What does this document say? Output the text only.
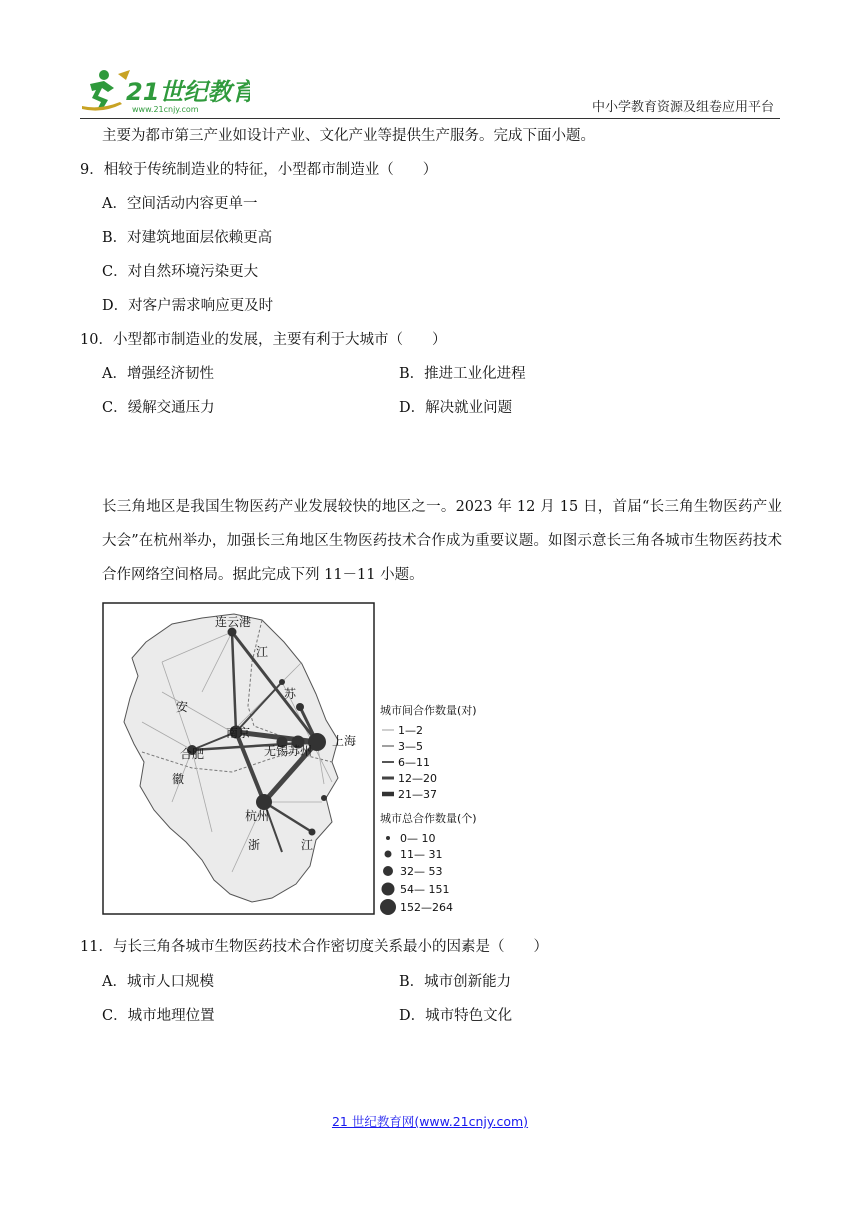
21世纪教育
www.21cnjy.com	中小学教育资源及组卷应用平台
主要为都市第三产业如设计产业、文化产业等提供生产服务。完成下面小题。
9．相较于传统制造业的特征，小型都市制造业（　　）
A．空间活动内容更单一
B．对建筑地面层依赖更高
C．对自然环境污染更大
D．对客户需求响应更及时
10．小型都市制造业的发展，主要有利于大城市（　　）
A．增强经济韧性	B．推进工业化进程
C．缓解交通压力	D．解决就业问题
长三角地区是我国生物医药产业发展较快的地区之一。2023 年 12 月 15 日，首届“长三角生物医药产业大会”在杭州举办，加强长三角地区生物医药技术合作成为重要议题。如图示意长三角各城市生物医药技术合作网络空间格局。据此完成下列 11－11 小题。
连云港
南京
合肥	无锡苏州
上海
杭州
江
苏
安
徽
浙	江
城市间合作数量(对)
1—2
3—5
6—11
12—20
21—37
城市总合作数量(个)
0— 10
11— 31
32— 53
54— 151
152—264
11．与长三角各城市生物医药技术合作密切度关系最小的因素是（　　）
A．城市人口规模	B．城市创新能力
C．城市地理位置	D．城市特色文化
21 世纪教育网(www.21cnjy.com)
